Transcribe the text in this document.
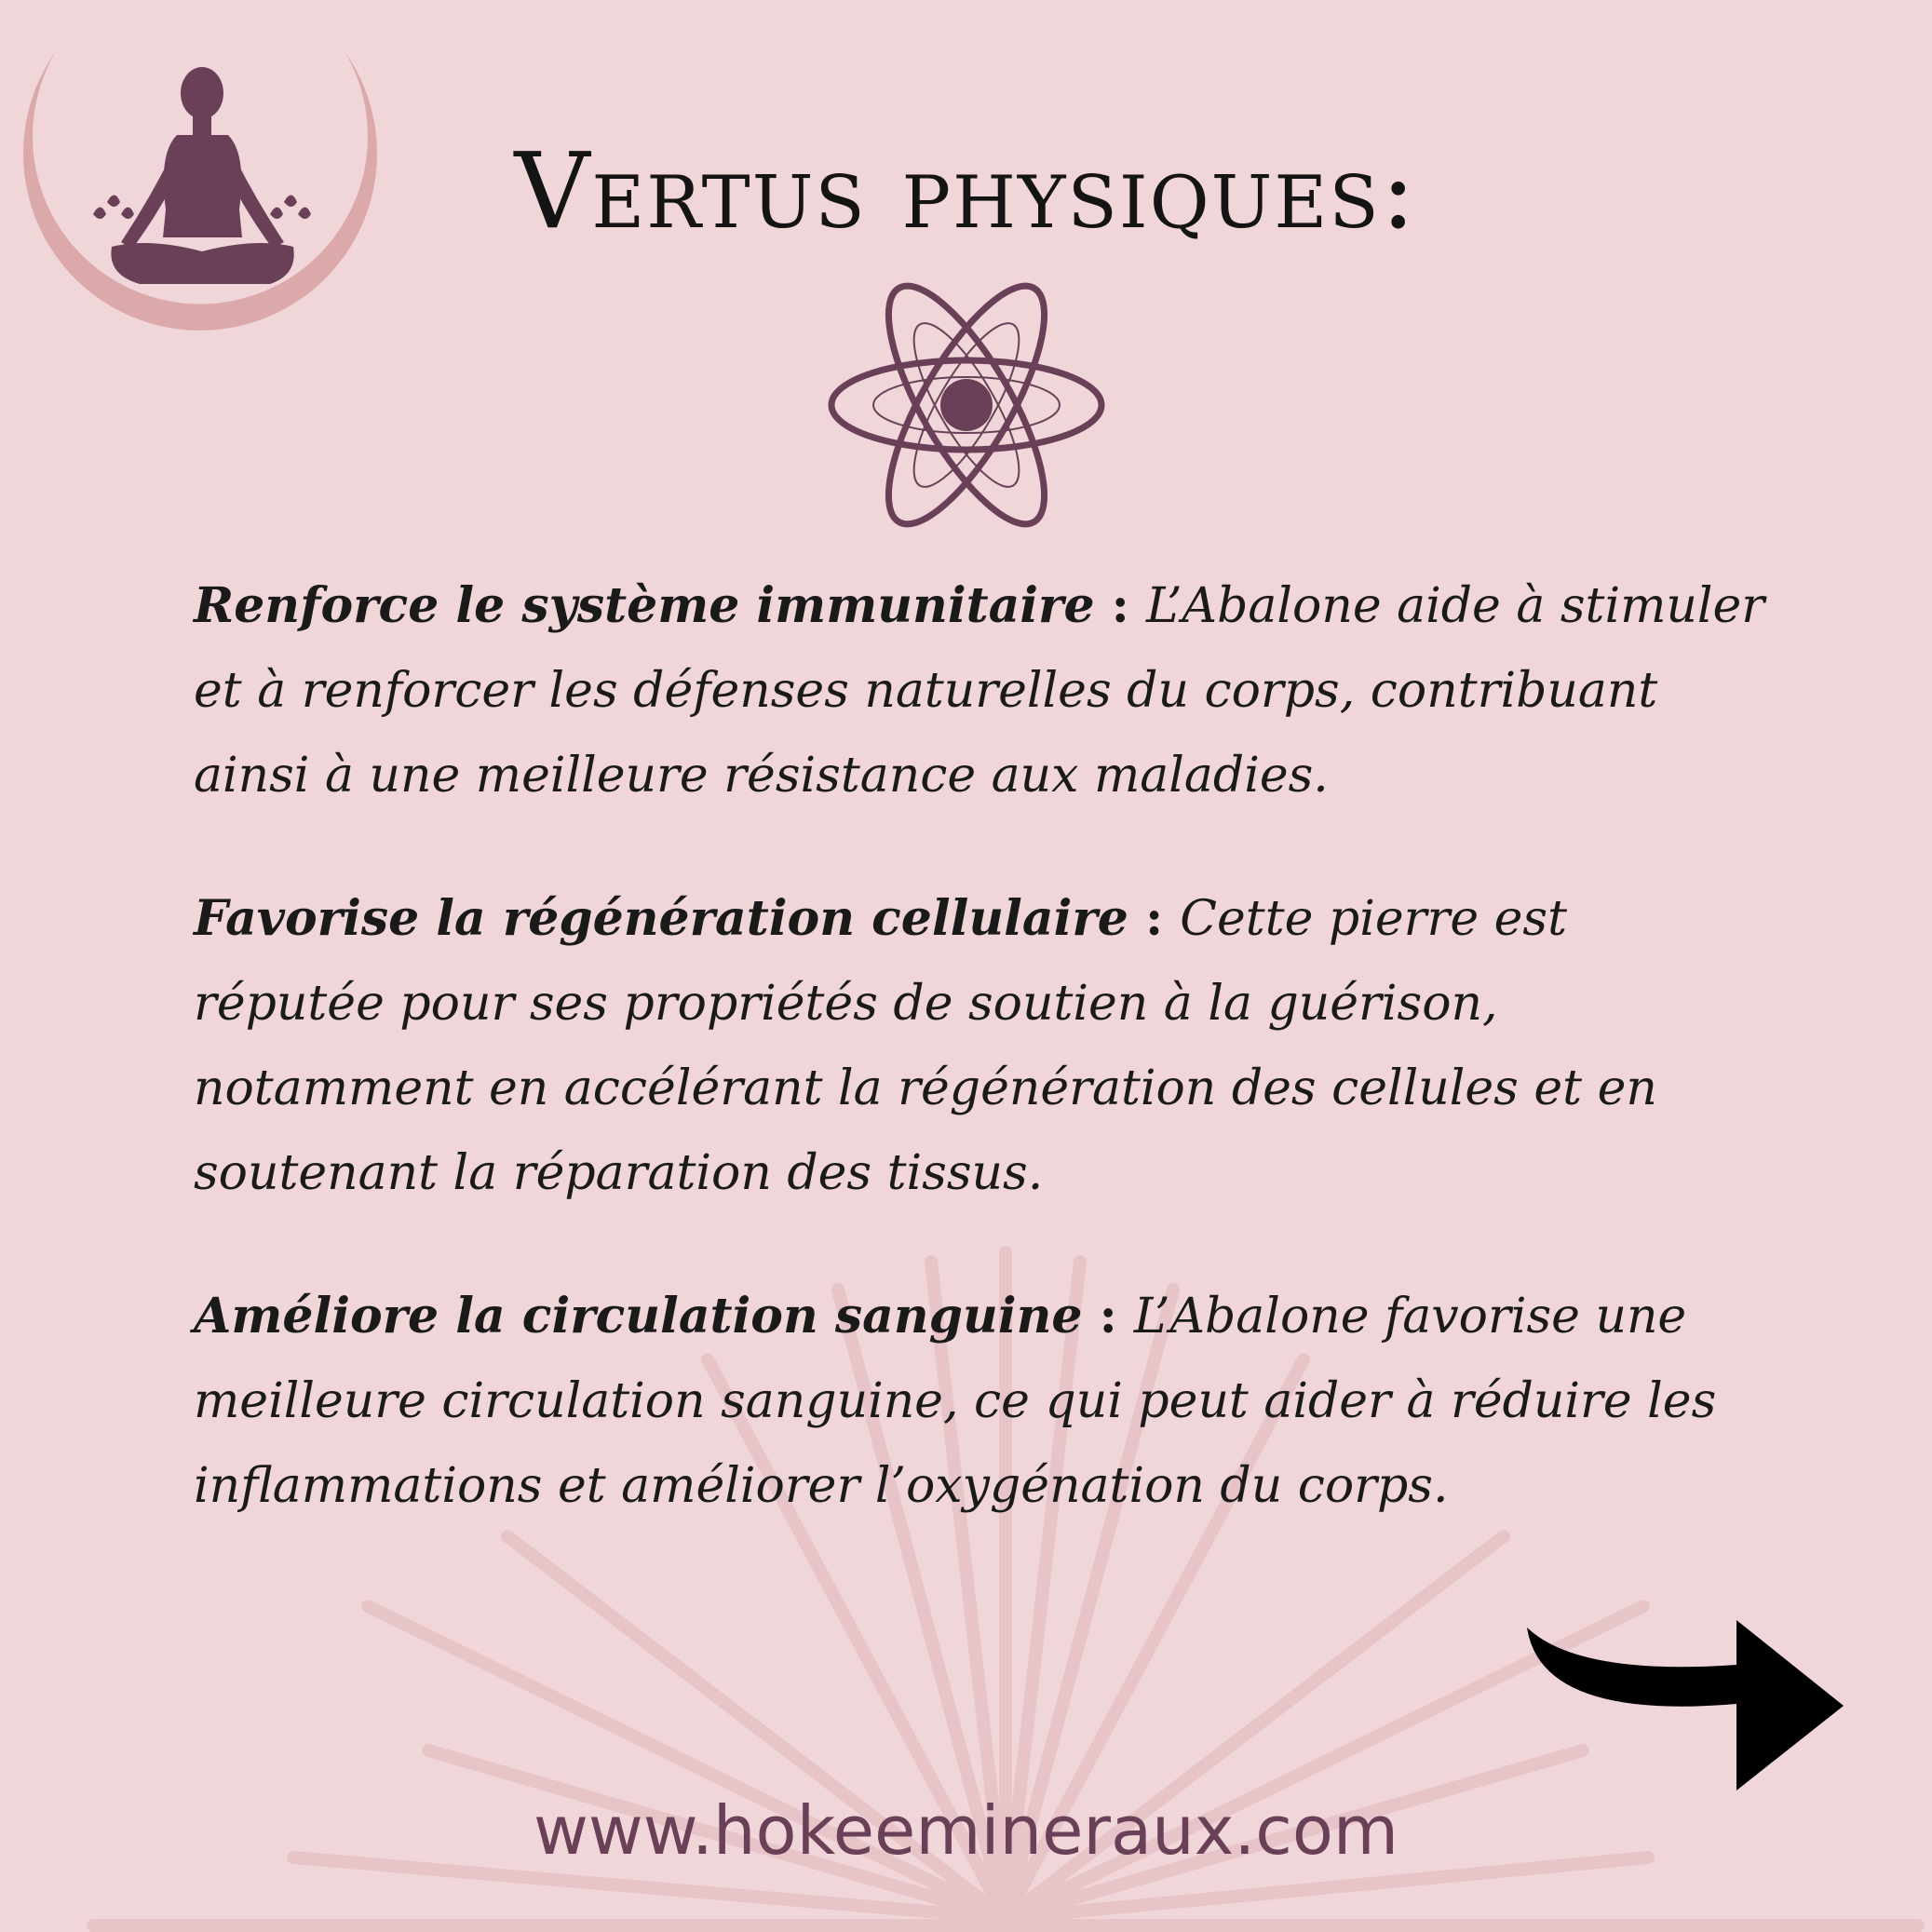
Vertus physiques:

Renforce le système immunitaire : L’Abalone aide à stimuler et à renforcer les défenses naturelles du corps, contribuant ainsi à une meilleure résistance aux maladies.

Favorise la régénération cellulaire : Cette pierre est réputée pour ses propriétés de soutien à la guérison, notamment en accélérant la régénération des cellules et en soutenant la réparation des tissus.

Améliore la circulation sanguine : L’Abalone favorise une meilleure circulation sanguine, ce qui peut aider à réduire les inflammations et améliorer l’oxygénation du corps.

www.hokeemineraux.com
